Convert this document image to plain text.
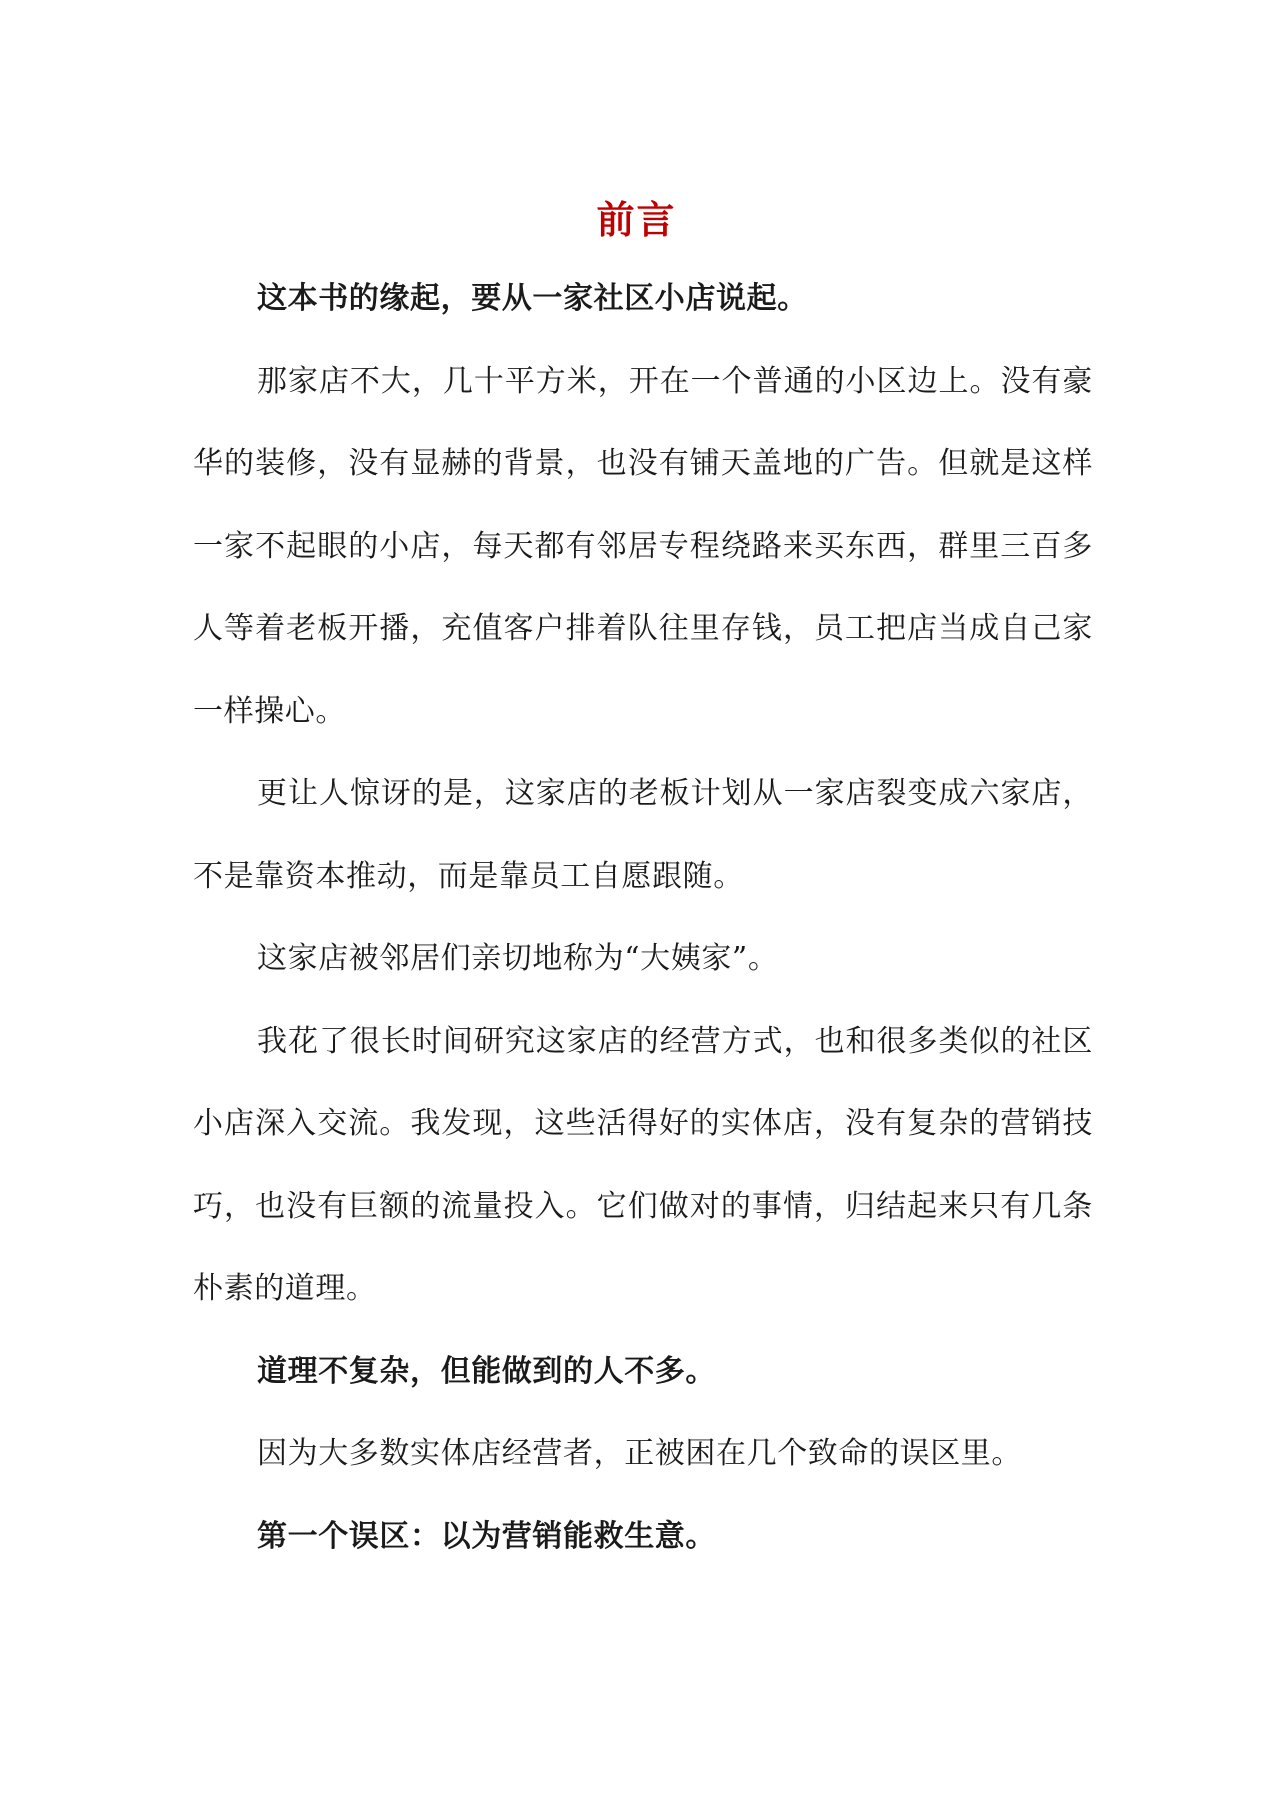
前言

这本书的缘起，要从一家社区小店说起。

那家店不大，几十平方米，开在一个普通的小区边上。没有豪华的装修，没有显赫的背景，也没有铺天盖地的广告。但就是这样一家不起眼的小店，每天都有邻居专程绕路来买东西，群里三百多人等着老板开播，充值客户排着队往里存钱，员工把店当成自己家一样操心。

更让人惊讶的是，这家店的老板计划从一家店裂变成六家店，不是靠资本推动，而是靠员工自愿跟随。

这家店被邻居们亲切地称为“大姨家”。

我花了很长时间研究这家店的经营方式，也和很多类似的社区小店深入交流。我发现，这些活得好的实体店，没有复杂的营销技巧，也没有巨额的流量投入。它们做对的事情，归结起来只有几条朴素的道理。

道理不复杂，但能做到的人不多。

因为大多数实体店经营者，正被困在几个致命的误区里。

第一个误区：以为营销能救生意。
